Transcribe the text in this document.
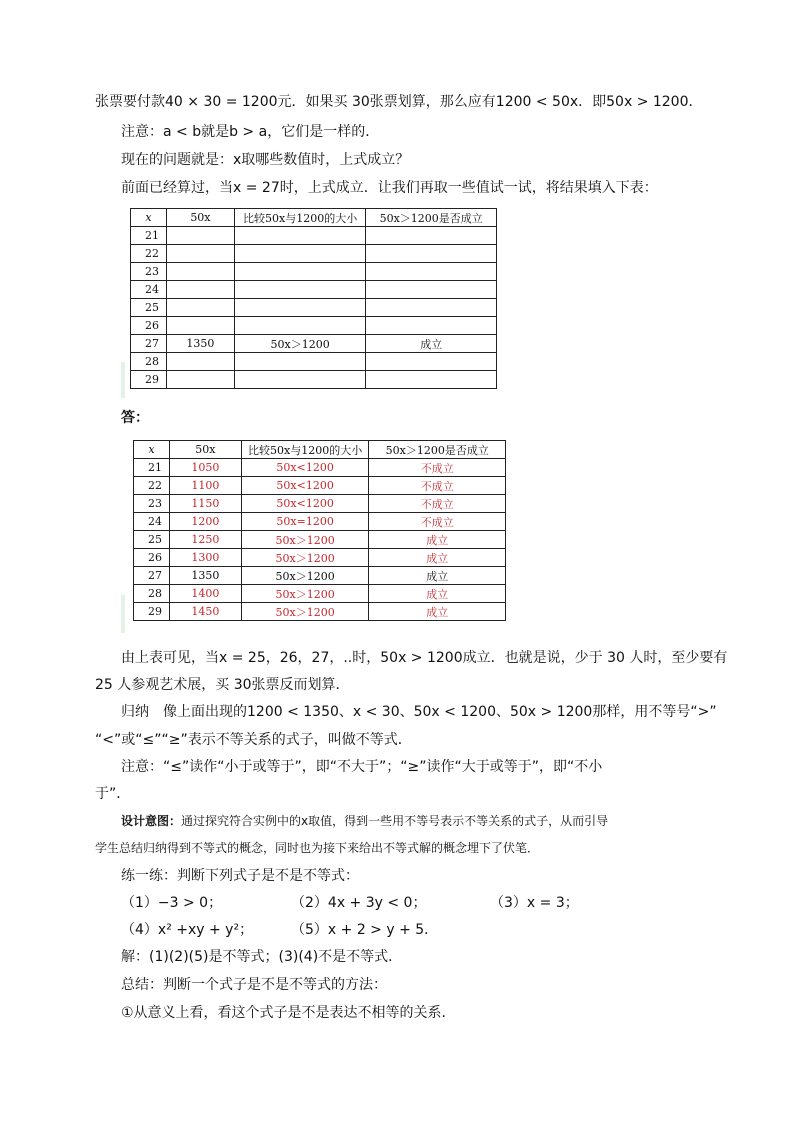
张票要付款40 × 30 = 1200元．如果买 30张票划算，那么应有1200 < 50x．即50x > 1200．
注意：a < b就是b > a，它们是一样的．
现在的问题就是：x取哪些数值时，上式成立？
前面已经算过，当x = 27时，上式成立．让我们再取一些值试一试，将结果填入下表：
x	50x	比较50x与1200的大小	50x＞1200是否成立
21			
22			
23			
24			
25			
26			
27	1350	50x＞1200	成立
28			
29			
答：
x	50x	比较50x与1200的大小	50x＞1200是否成立
21	1050	50x<1200	不成立
22	1100	50x<1200	不成立
23	1150	50x<1200	不成立
24	1200	50x=1200	不成立
25	1250	50x＞1200	成立
26	1300	50x＞1200	成立
27	1350	50x＞1200	成立
28	1400	50x＞1200	成立
29	1450	50x＞1200	成立
由上表可见，当x = 25，26，27，..时，50x > 1200成立．也就是说，少于 30 人时，至少要有
25 人参观艺术展，买 30张票反而划算．
归纳　像上面出现的1200 < 1350、x < 30、50x < 1200、50x > 1200那样，用不等号“>”
“<”或“≤”“≥”表示不等关系的式子，叫做不等式．
注意：“≤”读作“小于或等于”，即“不大于”；“≥”读作“大于或等于”，即“不小
于”．
设计意图：通过探究符合实例中的x取值，得到一些用不等号表示不等关系的式子，从而引导
学生总结归纳得到不等式的概念，同时也为接下来给出不等式解的概念埋下了伏笔．
练一练：判断下列式子是不是不等式：
（1）−3 > 0；	（2）4x + 3y < 0；	（3）x = 3；
（4）x² +xy + y²；	（5）x + 2 > y + 5．
解：(1)(2)(5)是不等式；(3)(4)不是不等式．
总结：判断一个式子是不是不等式的方法：
①从意义上看，看这个式子是不是表达不相等的关系．
